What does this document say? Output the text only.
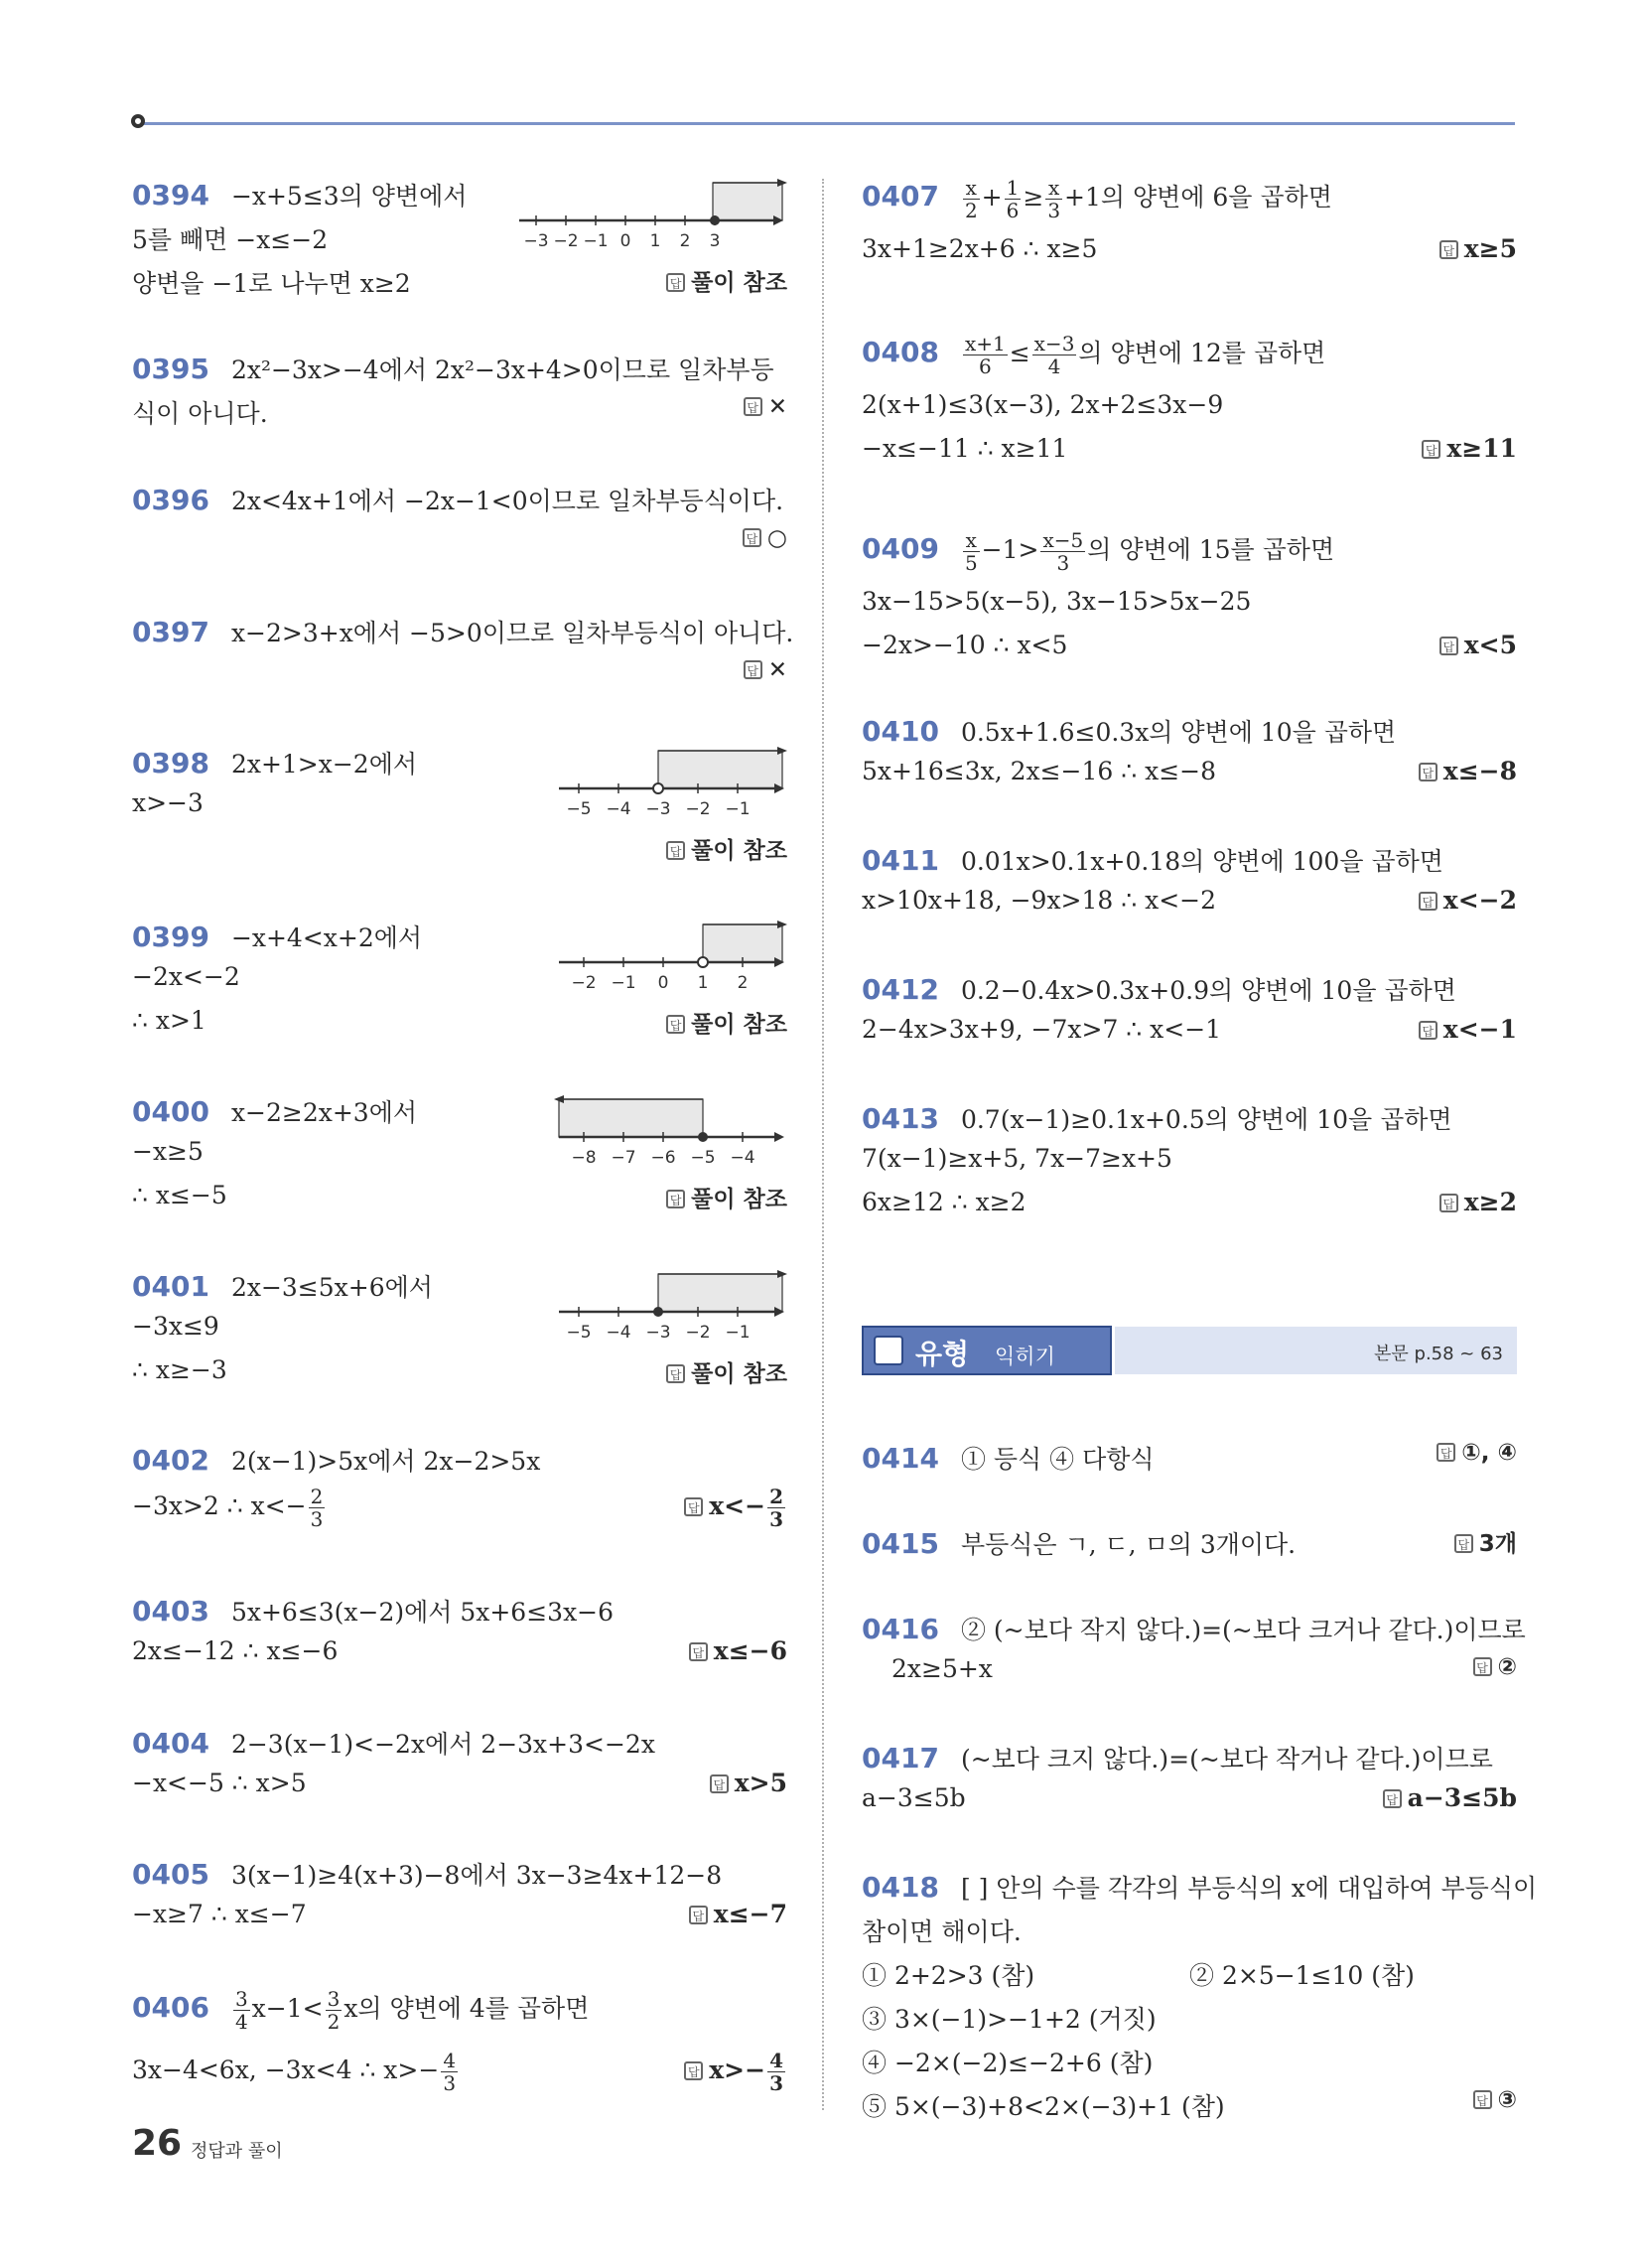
0394 −x+5≤3의 양변에서
5를 빼면 −x≤−2
양변을 −1로 나누면 x≥2
−3 −2 −1 0 1 2 3
답풀이 참조
0395 2x²−3x>−4에서 2x²−3x+4>0이므로 일차부등
식이 아니다. 답	✕
0396 2x<4x+1에서 −2x−1<0이므로 일차부등식이다.
답○
0397 x−2>3+x에서 −5>0이므로 일차부등식이 아니다.
답✕
0398 2x+1>x−2에서
x>−3	−5 −4 −3 −2 −1
답풀이 참조
0399 −x+4<x+2에서
−2x<−2
∴ x>1
−2 −1 0 1 2
답풀이 참조
0400 x−2≥2x+3에서
−x≥5
∴ x≤−5
−8 −7 −6 −5 −4
답풀이 참조
0401 2x−3≤5x+6에서
−3x≤9
∴ x≥−3
−5 −4 −3 −2 −1
답풀이 참조
0402 2(x−1)>5x에서 2x−2>5x
−3x>2 ∴ $x<- \frac{2}{3}$ 답	$x<- \frac{2}{3}$
0403 5x+6≤3(x−2)에서 5x+6≤3x−6
2x≤−12 ∴ x≤−6 답	x≤−6
0404 2−3(x−1)<−2x에서 2−3x+3<−2x
−x<−5 ∴ x>5 답	x>5
0405 3(x−1)≥4(x+3)−8에서 3x−3≥4x+12−8
−x≥7 ∴ x≤−7 답	x≤−7
$0406 \frac{3}{4} x-1< \frac{3}{2}$ x의 양변에 4를 곱하면
3x−4<6x, −3x<4 ∴ $x>- \frac{4}{3}$ 답	$x>- \frac{4}{3}$
$0407 \frac{x}{2} + \frac{1}{6} \ge \frac{x}{3} +1$의 양변에 6을 곱하면
3x+1≥2x+6 ∴ x≥5 답	x≥5
$0408 \frac{x+1}{6} \le \frac{x-3}{4}$ 의 양변에 12를 곱하면
2(x+1)≤3(x−3), 2x+2≤3x−9
−x≤−11 ∴ x≥11 답	x≥11
$0409 \frac{x}{5} -1> \frac{x-5}{3}$ 의 양변에 15를 곱하면
3x−15>5(x−5), 3x−15>5x−25
−2x>−10 ∴ x<5 답	x<5
0410 0.5x+1.6≤0.3x의 양변에 10을 곱하면
5x+16≤3x, 2x≤−16 ∴ x≤−8 답	x≤−8
0411 0.01x>0.1x+0.18의 양변에 100을 곱하면
x>10x+18, −9x>18 ∴ x<−2 답	x<−2
0412 0.2−0.4x>0.3x+0.9의 양변에 10을 곱하면
2−4x>3x+9, −7x>7 ∴ x<−1 답	x<−1
0413 0.7(x−1)≥0.1x+0.5의 양변에 10을 곱하면
7(x−1)≥x+5, 7x−7≥x+5
6x≥12 ∴ x≥2 답	x≥2
유형 익히기	본문 p.58 ~ 63
0414 ① 등식 ④ 다항식 답	①, ④
0415 부등식은 ㄱ, ㄷ, ㅁ의 3개이다. 답	3개
0416 ② (~보다 작지 않다.)=(~보다 크거나 같다.)이므로
2x≥5+x 답	②
0417 (~보다 크지 않다.)=(~보다 작거나 같다.)이므로
a−3≤5b 답	a−3≤5b
0418 [ ] 안의 수를 각각의 부등식의 x에 대입하여 부등식이
참이면 해이다.
① 2+2>3 (참)	② 2×5−1≤10 (참)
③ 3×(−1)>−1+2 (거짓)
④ −2×(−2)≤−2+6 (참)
⑤ 5×(−3)+8<2×(−3)+1 (참) 답	③
26 정답과 풀이
